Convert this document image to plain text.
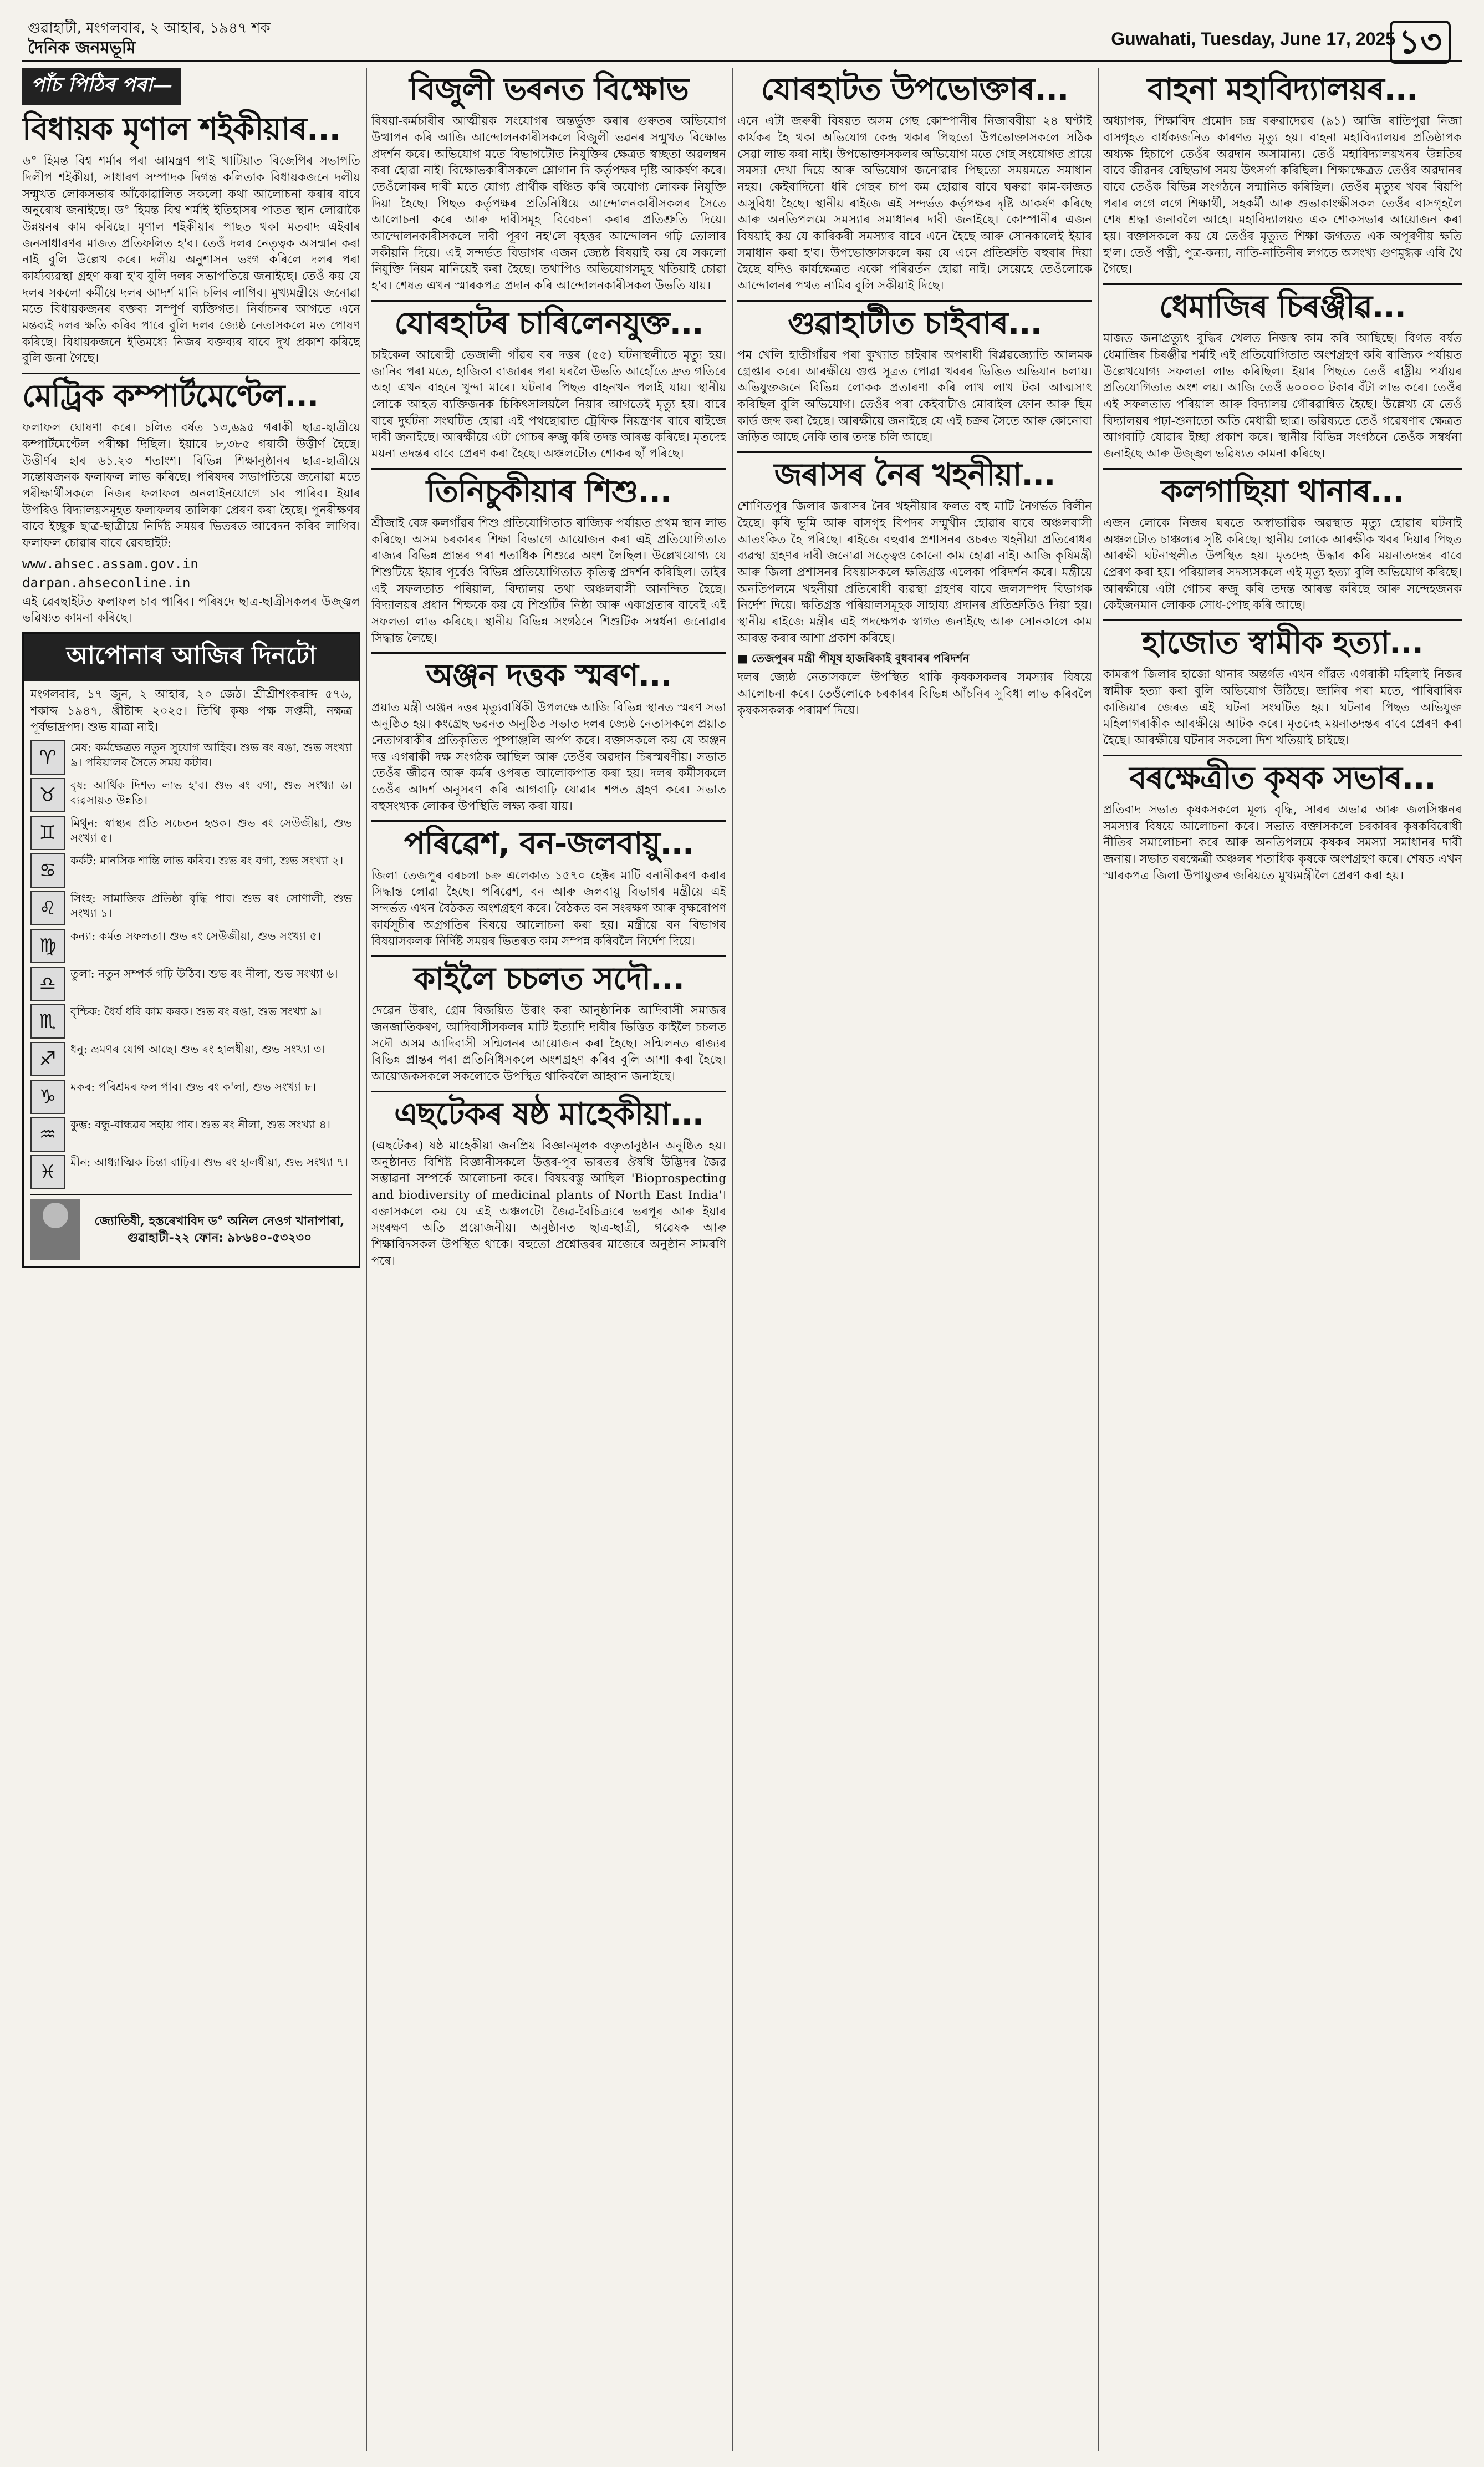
গুৱাহাটী, মংগলবাৰ, ২ আহাৰ, ১৯৪৭ শক
দৈনিক জনমভূমি	Guwahati, Tuesday, June 17, 2025 ১৩
পাঁচ পিঠিৰ পৰা—
বিধায়ক মৃণাল শইকীয়াৰ...

ড° হিমন্ত বিশ্ব শৰ্মাৰ পৰা আমন্ত্ৰণ পাই খাটিয়াত বিজেপিৰ সভাপতি দিলীপ শইকীয়া, সাধাৰণ সম্পাদক দিগন্ত কলিতাক বিধায়কজনে দলীয় সন্মুখত লোকসভাৰ আঁকোৱালিত সকলো কথা আলোচনা কৰাৰ বাবে অনুৰোধ জনাইছে। ড° হিমন্ত বিশ্ব শৰ্মাই ইতিহাসৰ পাতত স্থান লোৱাকৈ উন্নয়নৰ কাম কৰিছে। মৃণাল শইকীয়াৰ পাছত থকা মতবাদ এইবাৰ জনসাধাৰণৰ মাজত প্ৰতিফলিত হ'ব। তেওঁ দলৰ নেতৃত্বক অসন্মান কৰা নাই বুলি উল্লেখ কৰে। দলীয় অনুশাসন ভংগ কৰিলে দলৰ পৰা কাৰ্য্যব্যৱস্থা গ্ৰহণ কৰা হ'ব বুলি দলৰ সভাপতিয়ে জনাইছে। তেওঁ কয় যে দলৰ সকলো কৰ্মীয়ে দলৰ আদৰ্শ মানি চলিব লাগিব। মুখ্যমন্ত্ৰীয়ে জনোৱা মতে বিধায়কজনৰ বক্তব্য সম্পূৰ্ণ ব্যক্তিগত। নিৰ্বাচনৰ আগতে এনে মন্তব্যই দলৰ ক্ষতি কৰিব পাৰে বুলি দলৰ জ্যেষ্ঠ নেতাসকলে মত পোষণ কৰিছে। বিধায়কজনে ইতিমধ্যে নিজৰ বক্তব্যৰ বাবে দুখ প্ৰকাশ কৰিছে বুলি জনা গৈছে।

মেট্ৰিক কম্পাৰ্টমেণ্টেল...

ফলাফল ঘোষণা কৰে। চলিত বৰ্ষত ১৩,৬৯৫ গৰাকী ছাত্ৰ-ছাত্ৰীয়ে কম্পাৰ্টমেণ্টেল পৰীক্ষা দিছিল। ইয়াৰে ৮,৩৮৫ গৰাকী উত্তীৰ্ণ হৈছে। উত্তীৰ্ণৰ হাৰ ৬১.২৩ শতাংশ। বিভিন্ন শিক্ষানুষ্ঠানৰ ছাত্ৰ-ছাত্ৰীয়ে সন্তোষজনক ফলাফল লাভ কৰিছে। পৰিষদৰ সভাপতিয়ে জনোৱা মতে পৰীক্ষাৰ্থীসকলে নিজৰ ফলাফল অনলাইনযোগে চাব পাৰিব। ইয়াৰ উপৰিও বিদ্যালয়সমূহত ফলাফলৰ তালিকা প্ৰেৰণ কৰা হৈছে। পুনৰীক্ষণৰ বাবে ইচ্ছুক ছাত্ৰ-ছাত্ৰীয়ে নিৰ্দিষ্ট সময়ৰ ভিতৰত আবেদন কৰিব লাগিব। ফলাফল চোৱাৰ বাবে ৱেবছাইট:

www.ahsec.assam.gov.in
darpan.ahseconline.in

এই ৱেবছাইটত ফলাফল চাব পাৰিব। পৰিষদে ছাত্ৰ-ছাত্ৰীসকলৰ উজ্জ্বল ভৱিষ্যত কামনা কৰিছে।

আপোনাৰ আজিৰ দিনটো

মংগলবাৰ, ১৭ জুন, ২ আহাৰ, ২০ জেঠ। শ্ৰীশ্ৰীশংকৰাব্দ ৫৭৬, শকাব্দ ১৯৪৭, খ্ৰীষ্টাব্দ ২০২৫। তিথি কৃষ্ণ পক্ষ সপ্তমী, নক্ষত্ৰ পূৰ্বভাদ্ৰপদ। শুভ যাত্ৰা নাই।

♈	মেষ: কৰ্মক্ষেত্ৰত নতুন সুযোগ আহিব। শুভ ৰং ৰঙা, শুভ সংখ্যা ৯। পৰিয়ালৰ সৈতে সময় কটাব।
♉	বৃষ: আৰ্থিক দিশত লাভ হ'ব। শুভ ৰং বগা, শুভ সংখ্যা ৬। ব্যৱসায়ত উন্নতি।
♊	মিথুন: স্বাস্থ্যৰ প্ৰতি সচেতন হওক। শুভ ৰং সেউজীয়া, শুভ সংখ্যা ৫।
♋	কৰ্কট: মানসিক শান্তি লাভ কৰিব। শুভ ৰং বগা, শুভ সংখ্যা ২।
♌	সিংহ: সামাজিক প্ৰতিষ্ঠা বৃদ্ধি পাব। শুভ ৰং সোণালী, শুভ সংখ্যা ১।
♍	কন্যা: কৰ্মত সফলতা। শুভ ৰং সেউজীয়া, শুভ সংখ্যা ৫।
♎	তুলা: নতুন সম্পৰ্ক গঢ়ি উঠিব। শুভ ৰং নীলা, শুভ সংখ্যা ৬।
♏	বৃশ্চিক: ধৈৰ্য ধৰি কাম কৰক। শুভ ৰং ৰঙা, শুভ সংখ্যা ৯।
♐	ধনু: ভ্ৰমণৰ যোগ আছে। শুভ ৰং হালধীয়া, শুভ সংখ্যা ৩।
♑	মকৰ: পৰিশ্ৰমৰ ফল পাব। শুভ ৰং ক'লা, শুভ সংখ্যা ৮।
♒	কুম্ভ: বন্ধু-বান্ধৱৰ সহায় পাব। শুভ ৰং নীলা, শুভ সংখ্যা ৪।
♓	মীন: আধ্যাত্মিক চিন্তা বাঢ়িব। শুভ ৰং হালধীয়া, শুভ সংখ্যা ৭।
জ্যোতিষী, হস্তৰেখাবিদ ড° অনিল নেওগ খানাপাৰা, গুৱাহাটী-২২ ফোন: ৯৮৬৪০-৫৩২৩০
বিজুলী ভৰনত বিক্ষোভ

বিষয়া-কৰ্মচাৰীৰ আত্মীয়ক সংযোগৰ অন্তৰ্ভুক্ত কৰাৰ গুৰুতৰ অভিযোগ উত্থাপন কৰি আজি আন্দোলনকাৰীসকলে বিজুলী ভৱনৰ সন্মুখত বিক্ষোভ প্ৰদৰ্শন কৰে। অভিযোগ মতে বিভাগটোত নিযুক্তিৰ ক্ষেত্ৰত স্বচ্ছতা অৱলম্বন কৰা হোৱা নাই। বিক্ষোভকাৰীসকলে শ্লোগান দি কৰ্তৃপক্ষৰ দৃষ্টি আকৰ্ষণ কৰে। তেওঁলোকৰ দাবী মতে যোগ্য প্ৰাৰ্থীক বঞ্চিত কৰি অযোগ্য লোকক নিযুক্তি দিয়া হৈছে। পিছত কৰ্তৃপক্ষৰ প্ৰতিনিধিয়ে আন্দোলনকাৰীসকলৰ সৈতে আলোচনা কৰে আৰু দাবীসমূহ বিবেচনা কৰাৰ প্ৰতিশ্ৰুতি দিয়ে। আন্দোলনকাৰীসকলে দাবী পূৰণ নহ'লে বৃহত্তৰ আন্দোলন গঢ়ি তোলাৰ সকীয়নি দিয়ে। এই সন্দৰ্ভত বিভাগৰ এজন জ্যেষ্ঠ বিষয়াই কয় যে সকলো নিযুক্তি নিয়ম মানিয়েই কৰা হৈছে। তথাপিও অভিযোগসমূহ খতিয়াই চোৱা হ'ব। শেষত এখন স্মাৰকপত্ৰ প্ৰদান কৰি আন্দোলনকাৰীসকল উভতি যায়।

যোৰহাটৰ চাৰিলেনযুক্ত...

চাইকেল আৰোহী ভেজালী গাঁৱৰ বৰ দত্তৰ (৫৫) ঘটনাস্থলীতে মৃত্যু হয়। জানিব পৰা মতে, হাজিকা বাজাৰৰ পৰা ঘৰলৈ উভতি আহোঁতে দ্ৰুত গতিৰে অহা এখন বাহনে খুন্দা মাৰে। ঘটনাৰ পিছত বাহনখন পলাই যায়। স্থানীয় লোকে আহত ব্যক্তিজনক চিকিৎসালয়লৈ নিয়াৰ আগতেই মৃত্যু হয়। বাৰে বাৰে দুৰ্ঘটনা সংঘটিত হোৱা এই পথছোৱাত ট্ৰেফিক নিয়ন্ত্ৰণৰ বাবে ৰাইজে দাবী জনাইছে। আৰক্ষীয়ে এটা গোচৰ ৰুজু কৰি তদন্ত আৰম্ভ কৰিছে। মৃতদেহ ময়না তদন্তৰ বাবে প্ৰেৰণ কৰা হৈছে। অঞ্চলটোত শোকৰ ছাঁ পৰিছে।

তিনিচুকীয়াৰ শিশু...

শ্ৰীজাই বেঙ্গ কলগাঁৱৰ শিশু প্ৰতিযোগিতাত ৰাজ্যিক পৰ্যায়ত প্ৰথম স্থান লাভ কৰিছে। অসম চৰকাৰৰ শিক্ষা বিভাগে আয়োজন কৰা এই প্ৰতিযোগিতাত ৰাজ্যৰ বিভিন্ন প্ৰান্তৰ পৰা শতাধিক শিশুৱে অংশ লৈছিল। উল্লেখযোগ্য যে শিশুটিয়ে ইয়াৰ পূৰ্বেও বিভিন্ন প্ৰতিযোগিতাত কৃতিত্ব প্ৰদৰ্শন কৰিছিল। তাইৰ এই সফলতাত পৰিয়াল, বিদ্যালয় তথা অঞ্চলবাসী আনন্দিত হৈছে। বিদ্যালয়ৰ প্ৰধান শিক্ষকে কয় যে শিশুটিৰ নিষ্ঠা আৰু একাগ্ৰতাৰ বাবেই এই সফলতা লাভ কৰিছে। স্থানীয় বিভিন্ন সংগঠনে শিশুটিক সম্বৰ্ধনা জনোৱাৰ সিদ্ধান্ত লৈছে।

অঞ্জন দত্তক স্মৰণ...

প্ৰয়াত মন্ত্ৰী অঞ্জন দত্তৰ মৃত্যুবাৰ্ষিকী উপলক্ষে আজি বিভিন্ন স্থানত স্মৰণ সভা অনুষ্ঠিত হয়। কংগ্ৰেছ ভৱনত অনুষ্ঠিত সভাত দলৰ জ্যেষ্ঠ নেতাসকলে প্ৰয়াত নেতাগৰাকীৰ প্ৰতিকৃতিত পুষ্পাঞ্জলি অৰ্পণ কৰে। বক্তাসকলে কয় যে অঞ্জন দত্ত এগৰাকী দক্ষ সংগঠক আছিল আৰু তেওঁৰ অৱদান চিৰস্মৰণীয়। সভাত তেওঁৰ জীৱন আৰু কৰ্মৰ ওপৰত আলোকপাত কৰা হয়। দলৰ কৰ্মীসকলে তেওঁৰ আদৰ্শ অনুসৰণ কৰি আগবাঢ়ি যোৱাৰ শপত গ্ৰহণ কৰে। সভাত বহুসংখ্যক লোকৰ উপস্থিতি লক্ষ্য কৰা যায়।

পৰিৱেশ, বন-জলবায়ু...

জিলা তেজপুৰ বৰচলা চক্ৰ এলেকাত ১৫৭০ হেক্টৰ মাটি বনানীকৰণ কৰাৰ সিদ্ধান্ত লোৱা হৈছে। পৰিৱেশ, বন আৰু জলবায়ু বিভাগৰ মন্ত্ৰীয়ে এই সন্দৰ্ভত এখন বৈঠকত অংশগ্ৰহণ কৰে। বৈঠকত বন সংৰক্ষণ আৰু বৃক্ষৰোপণ কাৰ্যসূচীৰ অগ্ৰগতিৰ বিষয়ে আলোচনা কৰা হয়। মন্ত্ৰীয়ে বন বিভাগৰ বিষয়াসকলক নিৰ্দিষ্ট সময়ৰ ভিতৰত কাম সম্পন্ন কৰিবলৈ নিৰ্দেশ দিয়ে।

কাইলৈ চচলত সদৌ...

দেৱেন উৰাং, গ্ৰেম বিজয়িত উৰাং কৰা আনুষ্ঠানিক আদিবাসী সমাজৰ জনজাতিকৰণ, আদিবাসীসকলৰ মাটি ইত্যাদি দাবীৰ ভিত্তিত কাইলৈ চচলত সদৌ অসম আদিবাসী সন্মিলনৰ আয়োজন কৰা হৈছে। সন্মিলনত ৰাজ্যৰ বিভিন্ন প্ৰান্তৰ পৰা প্ৰতিনিধিসকলে অংশগ্ৰহণ কৰিব বুলি আশা কৰা হৈছে। আয়োজকসকলে সকলোকে উপস্থিত থাকিবলৈ আহ্বান জনাইছে।

এছটেকৰ ষষ্ঠ মাহেকীয়া...

(এছটেকৰ) ষষ্ঠ মাহেকীয়া জনপ্ৰিয় বিজ্ঞানমূলক বক্তৃতানুষ্ঠান অনুষ্ঠিত হয়। অনুষ্ঠানত বিশিষ্ট বিজ্ঞানীসকলে উত্তৰ-পূব ভাৰতৰ ঔষধি উদ্ভিদৰ জৈৱ সম্ভাৱনা সম্পৰ্কে আলোচনা কৰে। বিষয়বস্তু আছিল 'Bioprospecting and biodiversity of medicinal plants of North East India'। বক্তাসকলে কয় যে এই অঞ্চলটো জৈৱ-বৈচিত্ৰ্যৰে ভৰপূৰ আৰু ইয়াৰ সংৰক্ষণ অতি প্ৰয়োজনীয়। অনুষ্ঠানত ছাত্ৰ-ছাত্ৰী, গৱেষক আৰু শিক্ষাবিদসকল উপস্থিত থাকে। বহুতো প্ৰশ্নোত্তৰৰ মাজেৰে অনুষ্ঠান সামৰণি পৰে।

যোৰহাটত উপভোক্তাৰ...

এনে এটা জৰুৰী বিষয়ত অসম গেছ কোম্পানীৰ নিজাববীয়া ২৪ ঘণ্টাই কাৰ্যকৰ হৈ থকা অভিযোগ কেন্দ্ৰ থকাৰ পিছতো উপভোক্তাসকলে সঠিক সেৱা লাভ কৰা নাই। উপভোক্তাসকলৰ অভিযোগ মতে গেছ সংযোগত প্ৰায়ে সমস্যা দেখা দিয়ে আৰু অভিযোগ জনোৱাৰ পিছতো সময়মতে সমাধান নহয়। কেইবাদিনো ধৰি গেছৰ চাপ কম হোৱাৰ বাবে ঘৰুৱা কাম-কাজত অসুবিধা হৈছে। স্থানীয় ৰাইজে এই সন্দৰ্ভত কৰ্তৃপক্ষৰ দৃষ্টি আকৰ্ষণ কৰিছে আৰু অনতিপলমে সমস্যাৰ সমাধানৰ দাবী জনাইছে। কোম্পানীৰ এজন বিষয়াই কয় যে কাৰিকৰী সমস্যাৰ বাবে এনে হৈছে আৰু সোনকালেই ইয়াৰ সমাধান কৰা হ'ব। উপভোক্তাসকলে কয় যে এনে প্ৰতিশ্ৰুতি বহুবাৰ দিয়া হৈছে যদিও কাৰ্যক্ষেত্ৰত একো পৰিৱৰ্তন হোৱা নাই। সেয়েহে তেওঁলোকে আন্দোলনৰ পথত নামিব বুলি সকীয়াই দিছে।

গুৱাহাটীত চাইবাৰ...

পম খেলি হাতীগাঁৱৰ পৰা কুখ্যাত চাইবাৰ অপৰাধী বিপ্লৱজ্যোতি আলমক গ্ৰেপ্তাৰ কৰে। আৰক্ষীয়ে গুপ্ত সূত্ৰত পোৱা খবৰৰ ভিত্তিত অভিযান চলায়। অভিযুক্তজনে বিভিন্ন লোকক প্ৰতাৰণা কৰি লাখ লাখ টকা আত্মসাৎ কৰিছিল বুলি অভিযোগ। তেওঁৰ পৰা কেইবাটাও মোবাইল ফোন আৰু ছিম কাৰ্ড জব্দ কৰা হৈছে। আৰক্ষীয়ে জনাইছে যে এই চক্ৰৰ সৈতে আৰু কোনোবা জড়িত আছে নেকি তাৰ তদন্ত চলি আছে।

জৰাসৰ নৈৰ খহনীয়া...

শোণিতপুৰ জিলাৰ জৰাসৰ নৈৰ খহনীয়াৰ ফলত বহু মাটি নৈগৰ্ভত বিলীন হৈছে। কৃষি ভূমি আৰু বাসগৃহ বিপদৰ সন্মুখীন হোৱাৰ বাবে অঞ্চলবাসী আতংকিত হৈ পৰিছে। ৰাইজে বহুবাৰ প্ৰশাসনৰ ওচৰত খহনীয়া প্ৰতিৰোধৰ ব্যৱস্থা গ্ৰহণৰ দাবী জনোৱা সত্ত্বেও কোনো কাম হোৱা নাই। আজি কৃষিমন্ত্ৰী আৰু জিলা প্ৰশাসনৰ বিষয়াসকলে ক্ষতিগ্ৰস্ত এলেকা পৰিদৰ্শন কৰে। মন্ত্ৰীয়ে অনতিপলমে খহনীয়া প্ৰতিৰোধী ব্যৱস্থা গ্ৰহণৰ বাবে জলসম্পদ বিভাগক নিৰ্দেশ দিয়ে। ক্ষতিগ্ৰস্ত পৰিয়ালসমূহক সাহায্য প্ৰদানৰ প্ৰতিশ্ৰুতিও দিয়া হয়। স্থানীয় ৰাইজে মন্ত্ৰীৰ এই পদক্ষেপক স্বাগত জনাইছে আৰু সোনকালে কাম আৰম্ভ কৰাৰ আশা প্ৰকাশ কৰিছে।

■ তেজপুৰৰ মন্ত্ৰী পীযূষ হাজৰিকাই বুধবাৰৰ পৰিদৰ্শন

দলৰ জ্যেষ্ঠ নেতাসকলে উপস্থিত থাকি কৃষকসকলৰ সমস্যাৰ বিষয়ে আলোচনা কৰে। তেওঁলোকে চৰকাৰৰ বিভিন্ন আঁচনিৰ সুবিধা লাভ কৰিবলৈ কৃষকসকলক পৰামৰ্শ দিয়ে।

বাহনা মহাবিদ্যালয়ৰ...

অধ্যাপক, শিক্ষাবিদ প্ৰমোদ চন্দ্ৰ বৰুৱাদেৱৰ (৯১) আজি ৰাতিপুৱা নিজা বাসগৃহত বাৰ্ধক্যজনিত কাৰণত মৃত্যু হয়। বাহনা মহাবিদ্যালয়ৰ প্ৰতিষ্ঠাপক অধ্যক্ষ হিচাপে তেওঁৰ অৱদান অসামান্য। তেওঁ মহাবিদ্যালয়খনৰ উন্নতিৰ বাবে জীৱনৰ বেছিভাগ সময় উৎসৰ্গা কৰিছিল। শিক্ষাক্ষেত্ৰত তেওঁৰ অৱদানৰ বাবে তেওঁক বিভিন্ন সংগঠনে সন্মানিত কৰিছিল। তেওঁৰ মৃত্যুৰ খবৰ বিয়পি পৰাৰ লগে লগে শিক্ষাৰ্থী, সহকৰ্মী আৰু শুভাকাংক্ষীসকল তেওঁৰ বাসগৃহলৈ শেষ শ্ৰদ্ধা জনাবলৈ আহে। মহাবিদ্যালয়ত এক শোকসভাৰ আয়োজন কৰা হয়। বক্তাসকলে কয় যে তেওঁৰ মৃত্যুত শিক্ষা জগতত এক অপূৰণীয় ক্ষতি হ'ল। তেওঁ পত্নী, পুত্ৰ-কন্যা, নাতি-নাতিনীৰ লগতে অসংখ্য গুণমুগ্ধক এৰি থৈ গৈছে।

ধেমাজিৰ চিৰঞ্জীৱ...

মাজত জনাপ্ৰত্যুৎ বুদ্ধিৰ খেলত নিজস্ব কাম কৰি আছিছে। বিগত বৰ্ষত ধেমাজিৰ চিৰঞ্জীৱ শৰ্মাই এই প্ৰতিযোগিতাত অংশগ্ৰহণ কৰি ৰাজ্যিক পৰ্যায়ত উল্লেখযোগ্য সফলতা লাভ কৰিছিল। ইয়াৰ পিছতে তেওঁ ৰাষ্ট্ৰীয় পৰ্যায়ৰ প্ৰতিযোগিতাত অংশ লয়। আজি তেওঁ ৬০০০০ টকাৰ বঁটা লাভ কৰে। তেওঁৰ এই সফলতাত পৰিয়াল আৰু বিদ্যালয় গৌৰৱান্বিত হৈছে। উল্লেখ্য যে তেওঁ বিদ্যালয়ৰ পঢ়া-শুনাতো অতি মেধাৱী ছাত্ৰ। ভৱিষ্যতে তেওঁ গৱেষণাৰ ক্ষেত্ৰত আগবাঢ়ি যোৱাৰ ইচ্ছা প্ৰকাশ কৰে। স্থানীয় বিভিন্ন সংগঠনে তেওঁক সম্বৰ্ধনা জনাইছে আৰু উজ্জ্বল ভৱিষ্যত কামনা কৰিছে।

কলগাছিয়া থানাৰ...

এজন লোকে নিজৰ ঘৰতে অস্বাভাৱিক অৱস্থাত মৃত্যু হোৱাৰ ঘটনাই অঞ্চলটোত চাঞ্চল্যৰ সৃষ্টি কৰিছে। স্থানীয় লোকে আৰক্ষীক খবৰ দিয়াৰ পিছত আৰক্ষী ঘটনাস্থলীত উপস্থিত হয়। মৃতদেহ উদ্ধাৰ কৰি ময়নাতদন্তৰ বাবে প্ৰেৰণ কৰা হয়। পৰিয়ালৰ সদস্যসকলে এই মৃত্যু হত্যা বুলি অভিযোগ কৰিছে। আৰক্ষীয়ে এটা গোচৰ ৰুজু কৰি তদন্ত আৰম্ভ কৰিছে আৰু সন্দেহজনক কেইজনমান লোকক সোধ-পোছ কৰি আছে।

হাজোত স্বামীক হত্যা...

কামৰূপ জিলাৰ হাজো থানাৰ অন্তৰ্গত এখন গাঁৱত এগৰাকী মহিলাই নিজৰ স্বামীক হত্যা কৰা বুলি অভিযোগ উঠিছে। জানিব পৰা মতে, পাৰিবাৰিক কাজিয়াৰ জেৰত এই ঘটনা সংঘটিত হয়। ঘটনাৰ পিছত অভিযুক্ত মহিলাগৰাকীক আৰক্ষীয়ে আটক কৰে। মৃতদেহ ময়নাতদন্তৰ বাবে প্ৰেৰণ কৰা হৈছে। আৰক্ষীয়ে ঘটনাৰ সকলো দিশ খতিয়াই চাইছে।

বৰক্ষেত্ৰীত কৃষক সভাৰ...

প্ৰতিবাদ সভাত কৃষকসকলে মূল্য বৃদ্ধি, সাৰৰ অভাৱ আৰু জলসিঞ্চনৰ সমস্যাৰ বিষয়ে আলোচনা কৰে। সভাত বক্তাসকলে চৰকাৰৰ কৃষকবিৰোধী নীতিৰ সমালোচনা কৰে আৰু অনতিপলমে কৃষকৰ সমস্যা সমাধানৰ দাবী জনায়। সভাত বৰক্ষেত্ৰী অঞ্চলৰ শতাধিক কৃষকে অংশগ্ৰহণ কৰে। শেষত এখন স্মাৰকপত্ৰ জিলা উপায়ুক্তৰ জৰিয়তে মুখ্যমন্ত্ৰীলৈ প্ৰেৰণ কৰা হয়।
